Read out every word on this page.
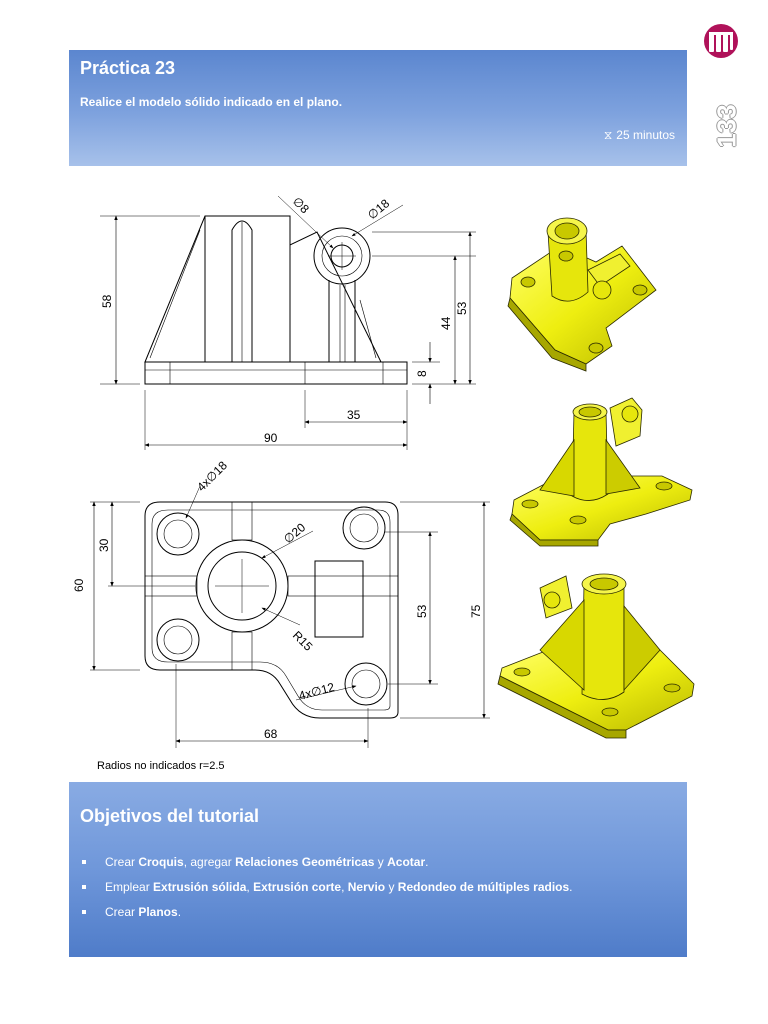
Práctica 23
Realice el modelo sólido indicado en el plano.
⧖ 25 minutos 133
∅8	∅18
58
53
44
8
35
90
4x∅18
∅20
R15
4x∅12
30
60
53	75
68
Radios no indicados r=2.5
Objetivos del tutorial
Crear Croquis, agregar Relaciones Geométricas y Acotar.
Emplear Extrusión sólida, Extrusión corte, Nervio y Redondeo de múltiples radios.
Crear Planos.
